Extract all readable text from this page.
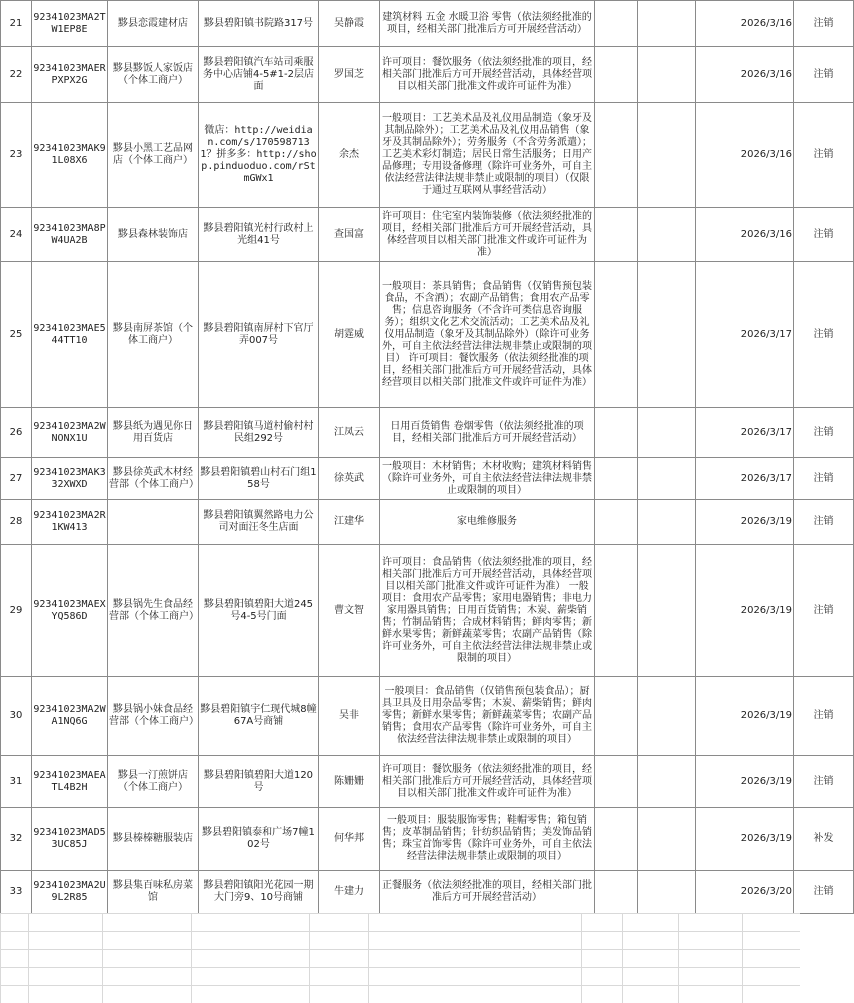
21	92341023MA2TW1EP8E	黟县恋霞建材店	黟县碧阳镇书院路317号	吴静霞	建筑材料 五金 水暖卫浴 零售（依法须经批准的项目，经相关部门批准后方可开展经营活动）			2026/3/16	注销
22	92341023MAERPXPX2G	黟县黟饭人家饭店（个体工商户）	黟县碧阳镇汽车站司乘服务中心店铺4-5#1-2层店面	罗国芝	许可项目：餐饮服务（依法须经批准的项目，经相关部门批准后方可开展经营活动，具体经营项目以相关部门批准文件或许可证件为准）			2026/3/16	注销
23	92341023MAK91L08X6	黟县小黑工艺品网店（个体工商户）	微店：http://weidian.com/s/1705987131？拼多多：http://shop.pinduoduo.com/rStmGWx1	余杰	一般项目：工艺美术品及礼仪用品制造（象牙及其制品除外）；工艺美术品及礼仪用品销售（象牙及其制品除外）；劳务服务（不含劳务派遣）；工艺美术彩灯制造；居民日常生活服务；日用产品修理；专用设备修理（除许可业务外，可自主依法经营法律法规非禁止或限制的项目）（仅限于通过互联网从事经营活动）			2026/3/16	注销
24	92341023MA8PW4UA2B	黟县森林装饰店	黟县碧阳镇光村行政村上光组41号	查国富	许可项目：住宅室内装饰装修（依法须经批准的项目，经相关部门批准后方可开展经营活动，具体经营项目以相关部门批准文件或许可证件为准）			2026/3/16	注销
25	92341023MAE544TT10	黟县南屏茶馆（个体工商户）	黟县碧阳镇南屏村下官厅弄007号	胡霆威	一般项目：茶具销售；食品销售（仅销售预包装食品，不含酒）；农副产品销售；食用农产品零售；信息咨询服务（不含许可类信息咨询服务）；组织文化艺术交流活动；工艺美术品及礼仪用品制造（象牙及其制品除外）（除许可业务外，可自主依法经营法律法规非禁止或限制的项目） 许可项目：餐饮服务（依法须经批准的项目，经相关部门批准后方可开展经营活动，具体经营项目以相关部门批准文件或许可证件为准）			2026/3/17	注销
26	92341023MA2WNONX1U	黟县纸为遇见你日用百货店	黟县碧阳镇马道村偷村村民组292号	江凤云	日用百货销售 卷烟零售（依法须经批准的项目，经相关部门批准后方可开展经营活动）			2026/3/17	注销
27	92341023MAK332XWXD	黟县徐英武木材经营部（个体工商户）	黟县碧阳镇碧山村石门组158号	徐英武	一般项目：木材销售；木材收购；建筑材料销售（除许可业务外，可自主依法经营法律法规非禁止或限制的项目）			2026/3/17	注销
28	92341023MA2R1KW413		黟县碧阳镇翼然路电力公司对面汪冬生店面	江建华	家电维修服务			2026/3/19	注销
29	92341023MAEXYQ586D	黟县锅先生食品经营部（个体工商户）	黟县碧阳镇碧阳大道245号4-5号门面	曹文智	许可项目：食品销售（依法须经批准的项目，经相关部门批准后方可开展经营活动，具体经营项目以相关部门批准文件或许可证件为准） 一般项目：食用农产品零售；家用电器销售；非电力家用器具销售；日用百货销售；木炭、薪柴销售；竹制品销售；合成材料销售；鲜肉零售；新鲜水果零售；新鲜蔬菜零售；农副产品销售（除许可业务外，可自主依法经营法律法规非禁止或限制的项目）			2026/3/19	注销
30	92341023MA2WA1NQ6G	黟县锅小妹食品经营部（个体工商户）	黟县碧阳镇宇仁现代城8幢67A号商铺	吴非	一般项目：食品销售（仅销售预包装食品）；厨具卫具及日用杂品零售；木炭、薪柴销售；鲜肉零售；新鲜水果零售；新鲜蔬菜零售；农副产品销售；食用农产品零售（除许可业务外，可自主依法经营法律法规非禁止或限制的项目）			2026/3/19	注销
31	92341023MAEATL4B2H	黟县一汀煎饼店（个体工商户）	黟县碧阳镇碧阳大道120号	陈姗姗	许可项目：餐饮服务（依法须经批准的项目，经相关部门批准后方可开展经营活动，具体经营项目以相关部门批准文件或许可证件为准）			2026/3/19	注销
32	92341023MAD53UC85J	黟县榛榛糖服装店	黟县碧阳镇泰和广场7幢102号	何华邦	一般项目：服装服饰零售；鞋帽零售；箱包销售；皮革制品销售；针纺织品销售；美发饰品销售；珠宝首饰零售（除许可业务外，可自主依法经营法律法规非禁止或限制的项目）			2026/3/19	补发
33	92341023MA2U9L2R85	黟县集百味私房菜馆	黟县碧阳镇阳光花园一期大门旁9、10号商铺	牛建力	正餐服务（依法须经批准的项目，经相关部门批准后方可开展经营活动）			2026/3/20	注销
